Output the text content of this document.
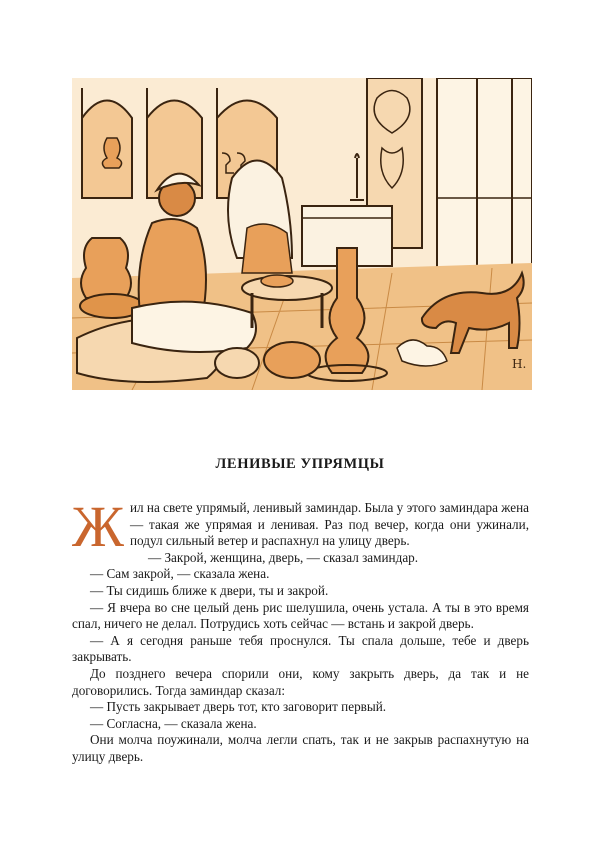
Н.
ЛЕНИВЫЕ УПРЯМЦЫ

Жил на свете упрямый, ленивый заминдар. Была у этого заминдара жена — такая же упрямая и ленивая. Раз под вечер, когда они ужинали, подул сильный ветер и распахнул на улицу дверь.

— Закрой, женщина, дверь, — сказал заминдар.

— Сам закрой, — сказала жена.

— Ты сидишь ближе к двери, ты и закрой.

— Я вчера во сне целый день рис шелушила, очень устала. А ты в это время спал, ничего не делал. Потрудись хоть сейчас — встань и закрой дверь.

— А я сегодня раньше тебя проснулся. Ты спала дольше, тебе и дверь закрывать.

До позднего вечера спорили они, кому закрыть дверь, да так и не договорились. Тогда заминдар сказал:

— Пусть закрывает дверь тот, кто заговорит первый.

— Согласна, — сказала жена.

Они молча поужинали, молча легли спать, так и не закрыв распахнутую на улицу дверь.
